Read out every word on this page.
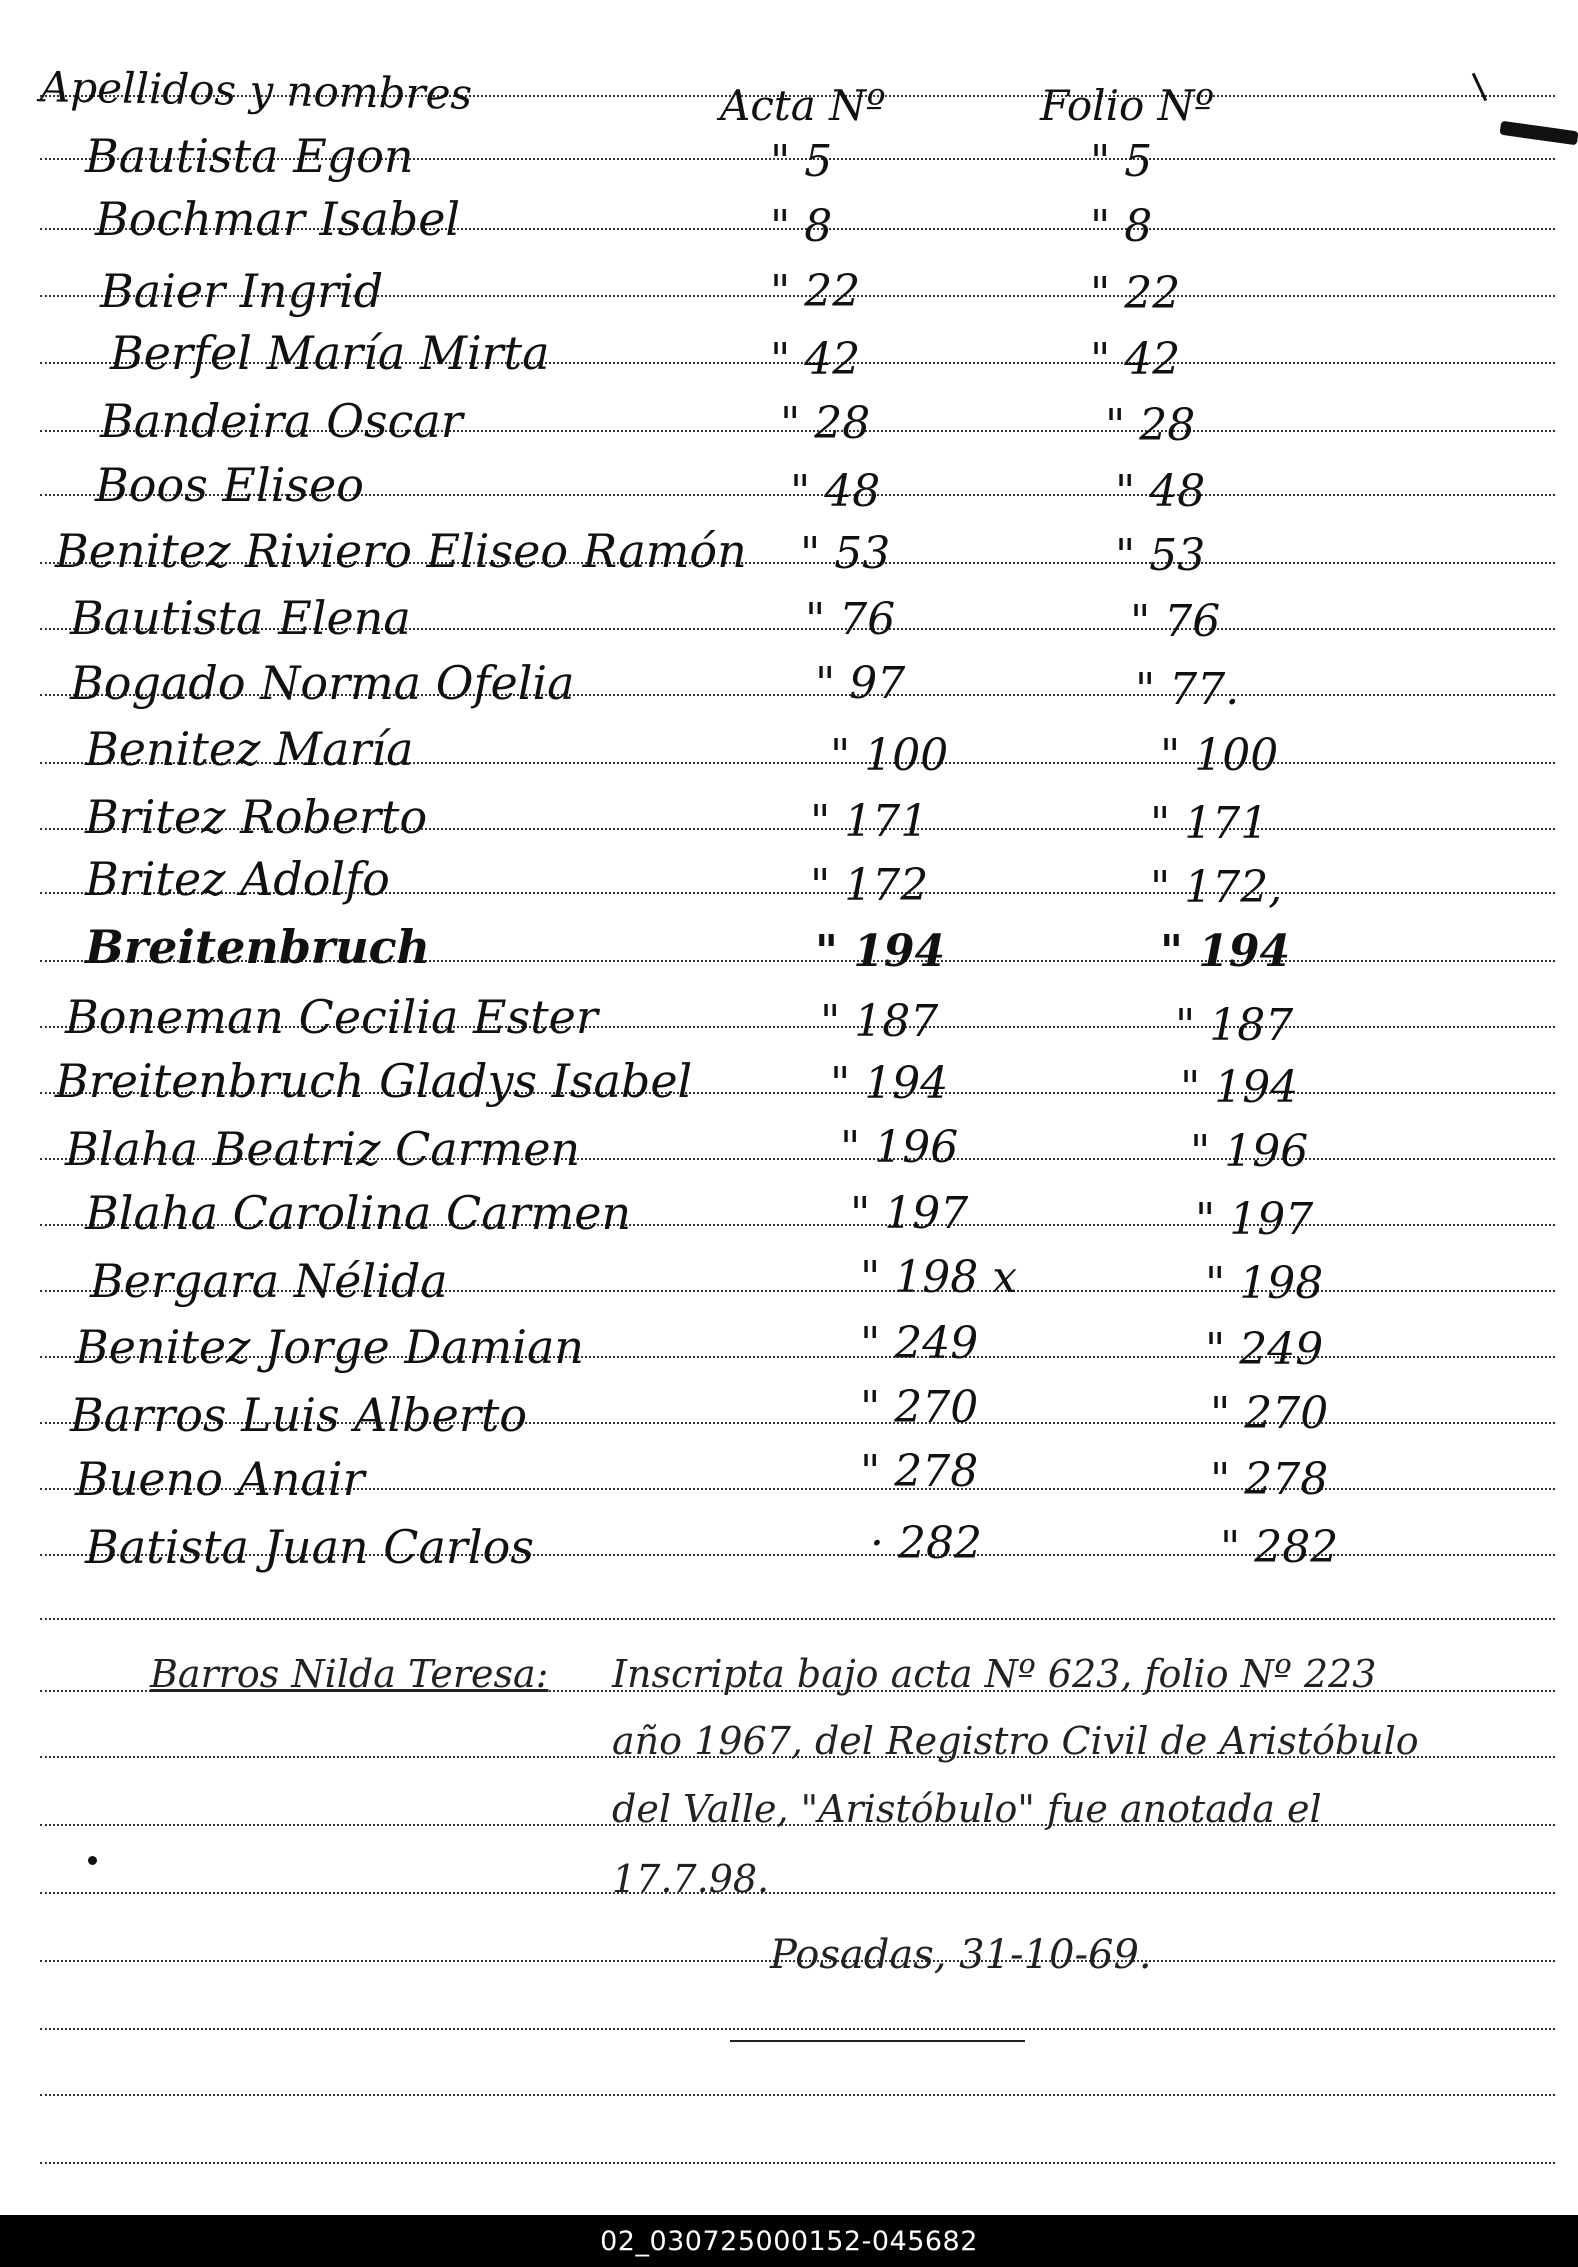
Apellidos y nombres	Acta Nº	Folio Nº
Bautista Egon	" 5	" 5
Bochmar Isabel	" 8	" 8
Baier Ingrid	" 22	" 22
Berfel María Mirta	" 42	" 42
Bandeira Oscar	" 28	" 28
Boos Eliseo	" 48	" 48
Benitez Riviero Eliseo Ramón " 53	" 53
Bautista Elena	" 76	" 76
Bogado Norma Ofelia	" 97	" 77.
Benitez María	" 100	" 100
Britez Roberto	" 171	" 171
Britez Adolfo	" 172	" 172,
Breitenbruch	" 194	" 194
Boneman Cecilia Ester	" 187	" 187
Breitenbruch Gladys Isabel	" 194	" 194
Blaha Beatriz Carmen	" 196	" 196
Blaha Carolina Carmen	" 197	" 197
Bergara Nélida	" 198 x	" 198
Benitez Jorge Damian	" 249	" 249
Barros Luis Alberto	" 270	" 270
Bueno Anair	" 278	" 278
Batista Juan Carlos	· 282	" 282
Barros Nilda Teresa: Inscripta bajo acta Nº 623, folio Nº 223
año 1967, del Registro Civil de Aristóbulo
del Valle, "Aristóbulo" fue anotada el
17.7.98.
Posadas, 31-10-69.
02_030725000152-045682
